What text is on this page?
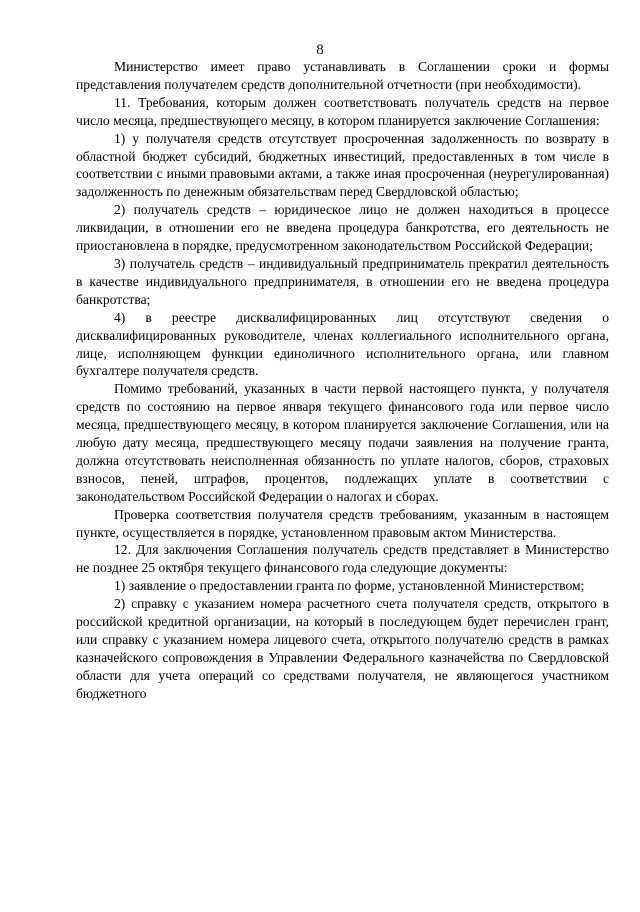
8

Министерство имеет право устанавливать в Соглашении сроки и формы представления получателем средств дополнительной отчетности (при необходимости).

11. Требования, которым должен соответствовать получатель средств на первое число месяца, предшествующего месяцу, в котором планируется заключение Соглашения:

1) у получателя средств отсутствует просроченная задолженность по возврату в областной бюджет субсидий, бюджетных инвестиций, предоставленных в том числе в соответствии с иными правовыми актами, а также иная просроченная (неурегулированная) задолженность по денежным обязательствам перед Свердловской областью;

2) получатель средств – юридическое лицо не должен находиться в процессе ликвидации, в отношении его не введена процедура банкротства, его деятельность не приостановлена в порядке, предусмотренном законодательством Российской Федерации;

3) получатель средств – индивидуальный предприниматель прекратил деятельность в качестве индивидуального предпринимателя, в отношении его не введена процедура банкротства;

4) в реестре дисквалифицированных лиц отсутствуют сведения о дисквалифицированных руководителе, членах коллегиального исполнительного органа, лице, исполняющем функции единоличного исполнительного органа, или главном бухгалтере получателя средств.

Помимо требований, указанных в части первой настоящего пункта, у получателя средств по состоянию на первое января текущего финансового года или первое число месяца, предшествующего месяцу, в котором планируется заключение Соглашения, или на любую дату месяца, предшествующего месяцу подачи заявления на получение гранта, должна отсутствовать неисполненная обязанность по уплате налогов, сборов, страховых взносов, пеней, штрафов, процентов, подлежащих уплате в соответствии с законодательством Российской Федерации о налогах и сборах.

Проверка соответствия получателя средств требованиям, указанным в настоящем пункте, осуществляется в порядке, установленном правовым актом Министерства.

12. Для заключения Соглашения получатель средств представляет в Министерство не позднее 25 октября текущего финансового года следующие документы:

1) заявление о предоставлении гранта по форме, установленной Министерством;

2) справку с указанием номера расчетного счета получателя средств, открытого в российской кредитной организации, на который в последующем будет перечислен грант, или справку с указанием номера лицевого счета, открытого получателю средств в рамках казначейского сопровождения в Управлении Федерального казначейства по Свердловской области для учета операций со средствами получателя, не являющегося участником бюджетного
